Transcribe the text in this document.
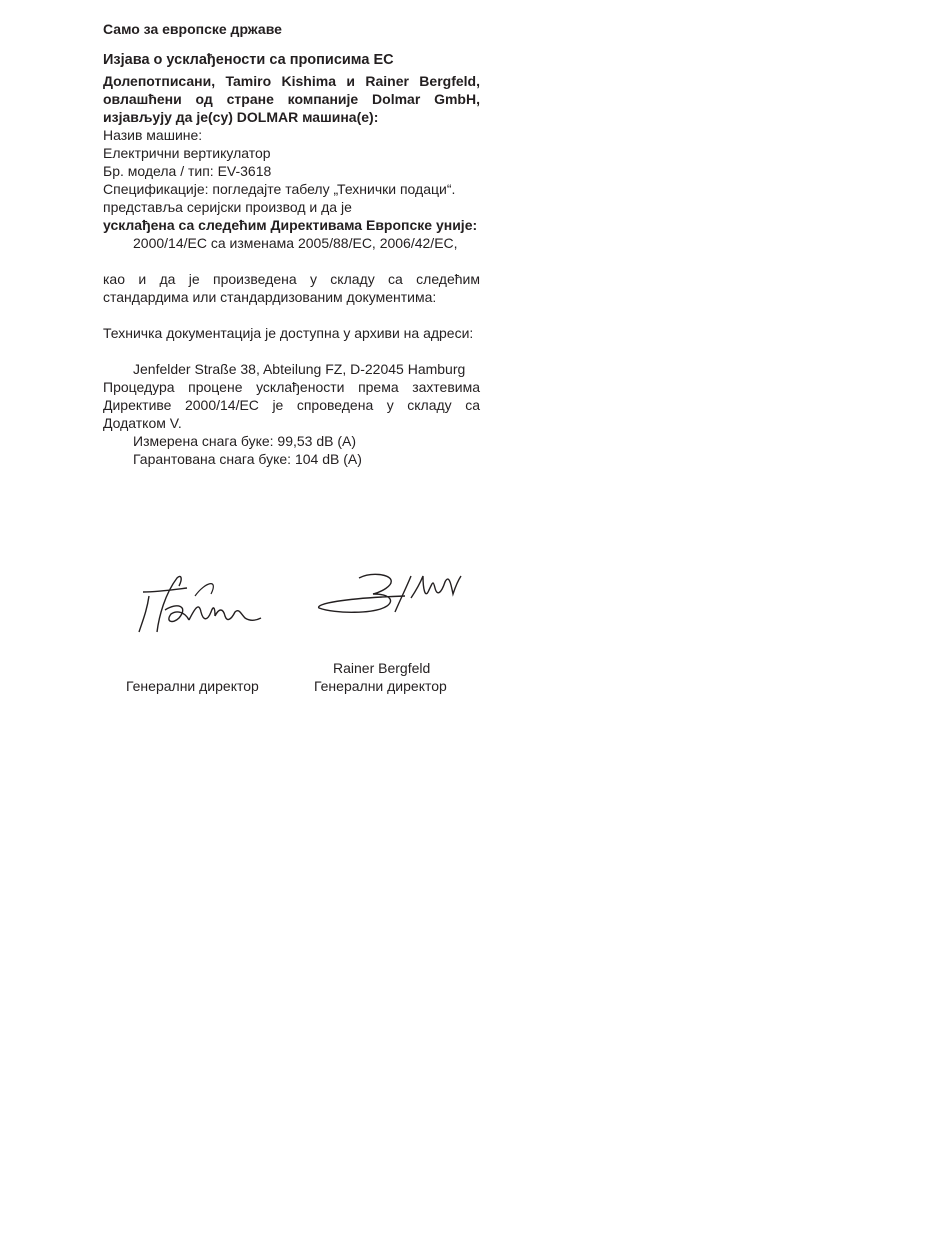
Само за европске државе
Изјава о усклађености са прописима ЕС
Долепотписани, Tamiro Kishima и Rainer Bergfeld, овлашћени од стране компаније Dolmar GmbH, изјављују да је(су) DOLMAR машина(е):
Назив машине:
Електрични вертикулатор
Бр. модела / тип: EV-3618
Спецификације: погледајте табелу „Технички подаци“.
представља серијски производ и да је
усклађена са следећим Директивама Европске уније:
2000/14/EC са изменама 2005/88/EC, 2006/42/EC,
као и да је произведена у складу са следећим стандардима или стандардизованим документима:
Техничка документација је доступна у архиви на адреси:
Jenfelder Straße 38, Abteilung FZ, D-22045 Hamburg
Процедура процене усклађености према захтевима Директиве 2000/14/EC је спроведена у складу са Додатком V.
Измерена снага буке: 99,53 dB (A)
Гарантована снага буке: 104 dB (A)
Rainer Bergfeld
Генерални директор	Генерални директор
